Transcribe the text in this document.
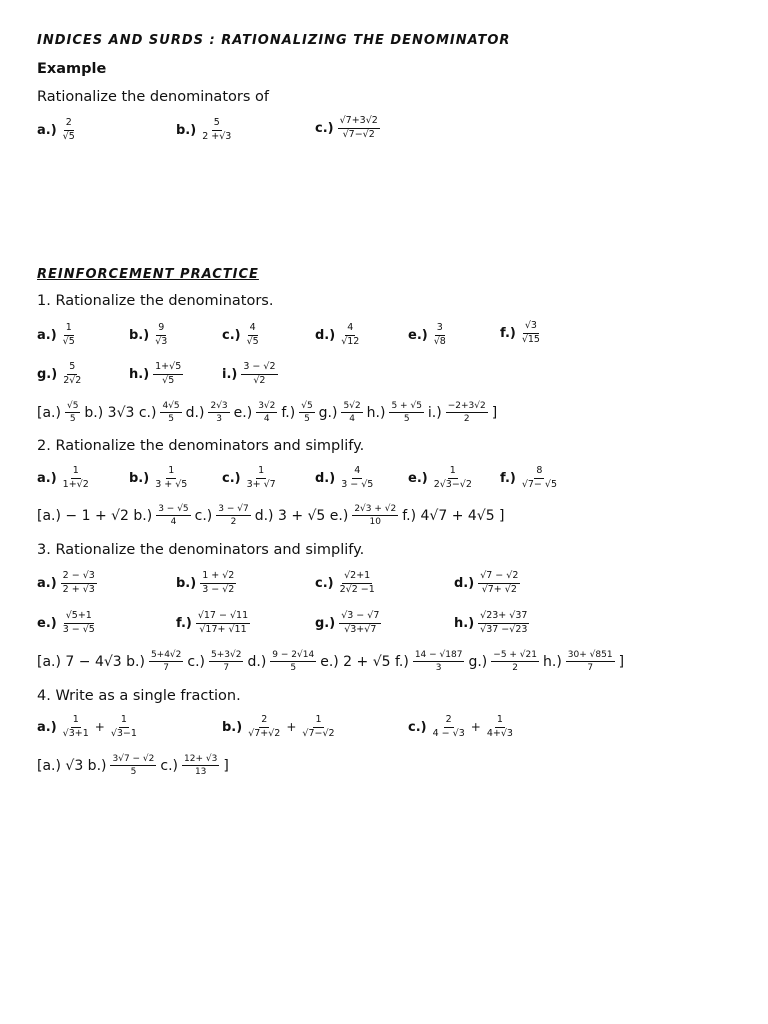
INDICES AND SURDS : RATIONALIZING THE DENOMINATOR
Example
Rationalize the denominators of
$a.) \frac{2}{√5}$	$b.) \frac{5}{2 +√3}$	$c.) \frac{√7+3√2}{√7-√2}$
REINFORCEMENT PRACTICE
1. Rationalize the denominators.
$a.) \frac{1}{√5}$	$b.) \frac{9}{√3}$	$c.) \frac{4}{√5}$	$d.) \frac{4}{√12}$	$e.) \frac{3}{√8}$	$f.) \frac{√3}{√15}$
$g.) \frac{5}{2√2}$	$h.) \frac{1+√5}{√5}$	$i.) \frac{3 - √2}{√2}$
$[a.) \frac{√5}{5} b$.) 3√3 $c.) \frac{4√5}{5} d.) \frac{2√3}{3} e.) \frac{3√2}{4} f.) \frac{√5}{5} g.) \frac{5√2}{4} h.) \frac{5 + √5}{5} i.) \frac{-2+3√2}{2}$ ]
2. Rationalize the denominators and simplify.
$a.) \frac{1}{1+√2}$	$b.) \frac{1}{3 + √5}$	$c.) \frac{1}{3+ √7}$	$d.) \frac{4}{3 - √5}$	$e.) \frac{1}{2√3-√2} f.) \frac{8}{√7- √5}$
[a.) − 1 + √2 $b.) \frac{3 - √5}{4} c.) \frac{3 - √7}{2} d$.) 3 + √5 $e.) \frac{2√3 + √2}{10} f$.) 4√7 + 4√5 ]
3. Rationalize the denominators and simplify.
$a.) \frac{2 - √3}{2 + √3}$	$b.) \frac{1 + √2}{3 - √2}$	$c.) \frac{√2+1}{2√2 -1}$	$d.) \frac{√7 - √2}{√7+ √2}$
$e.) \frac{√5+1}{3 - √5}$	$f.) \frac{√17 - √11}{√17+ √11}$	$g.) \frac{√3 - √7}{√3+√7}$	$h.) \frac{√23+ √37}{√37 -√23}$
[a.) 7 − 4√3 $b.) \frac{5+4√2}{7} c.) \frac{5+3√2}{7} d.) \frac{9 - 2√14}{5} e$.) 2 + √5 $f.) \frac{14 - √187}{3} g.) \frac{-5 + √21}{2} h.) \frac{30+ √851}{7}$ ]
4. Write as a single fraction.
$a.) \frac{1}{√3+1} + \frac{1}{√3-1}$	$b.) \frac{2}{√7+√2} + \frac{1}{√7-√2}$	$c.) \frac{2}{4 - √3} + \frac{1}{4+√3}$
[a.) √3 $b.) \frac{3√7 - √2}{5} c.) \frac{12+ √3}{13}$ ]
